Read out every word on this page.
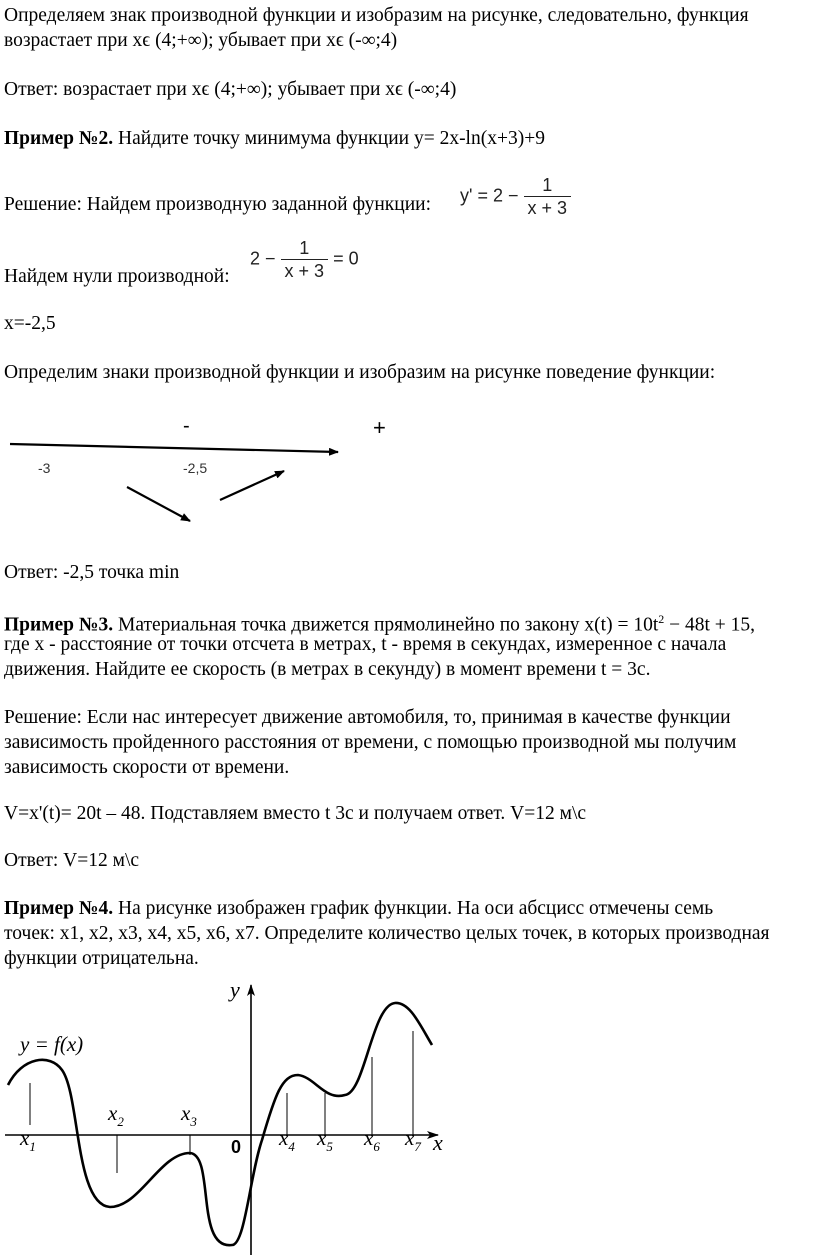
Определяем знак производной функции и изобразим на рисунке, следовательно, функция

возрастает при xϵ (4;+∞); убывает при xϵ (-∞;4)

Ответ: возрастает при xϵ (4;+∞); убывает при xϵ (-∞;4)

Пример №2. Найдите точку минимума функции y= 2x-ln(x+3)+9

Решение: Найдем производную заданной функции:	$y' = 2 - \frac{1}{x + 3}$

Найдем нули производной:

$2 - \frac{1}{x + 3} = 0$

x=-2,5

Определим знаки производной функции и изобразим на рисунке поведение функции:

-	+
-3	-2,5

Ответ: -2,5 точка min

Пример №3. Материальная точка движется прямолинейно по закону $x(t) = 10t^2 - 48t + 15$,

где x - расстояние от точки отсчета в метрах, t - время в секундах, измеренное с начала

движения. Найдите ее скорость (в метрах в секунду) в момент времени t = 3c.

Решение: Если нас интересует движение автомобиля, то, принимая в качестве функции

зависимость пройденного расстояния от времени, с помощью производной мы получим

зависимость скорости от времени.

V=x'(t)= 20t – 48. Подставляем вместо t 3с и получаем ответ. V=12 м\с

Ответ: V=12 м\с

Пример №4. На рисунке изображен график функции. На оси абсцисс отмечены семь

точек: x1, x2, x3, x4, x5, x6, x7. Определите количество целых точек, в которых производная

функции отрицательна.

y
x
0
y = f(x)
$x_1$
$x_2$	$x_3$
$x_4$ $x_5$ $x_6$ $x_7$
